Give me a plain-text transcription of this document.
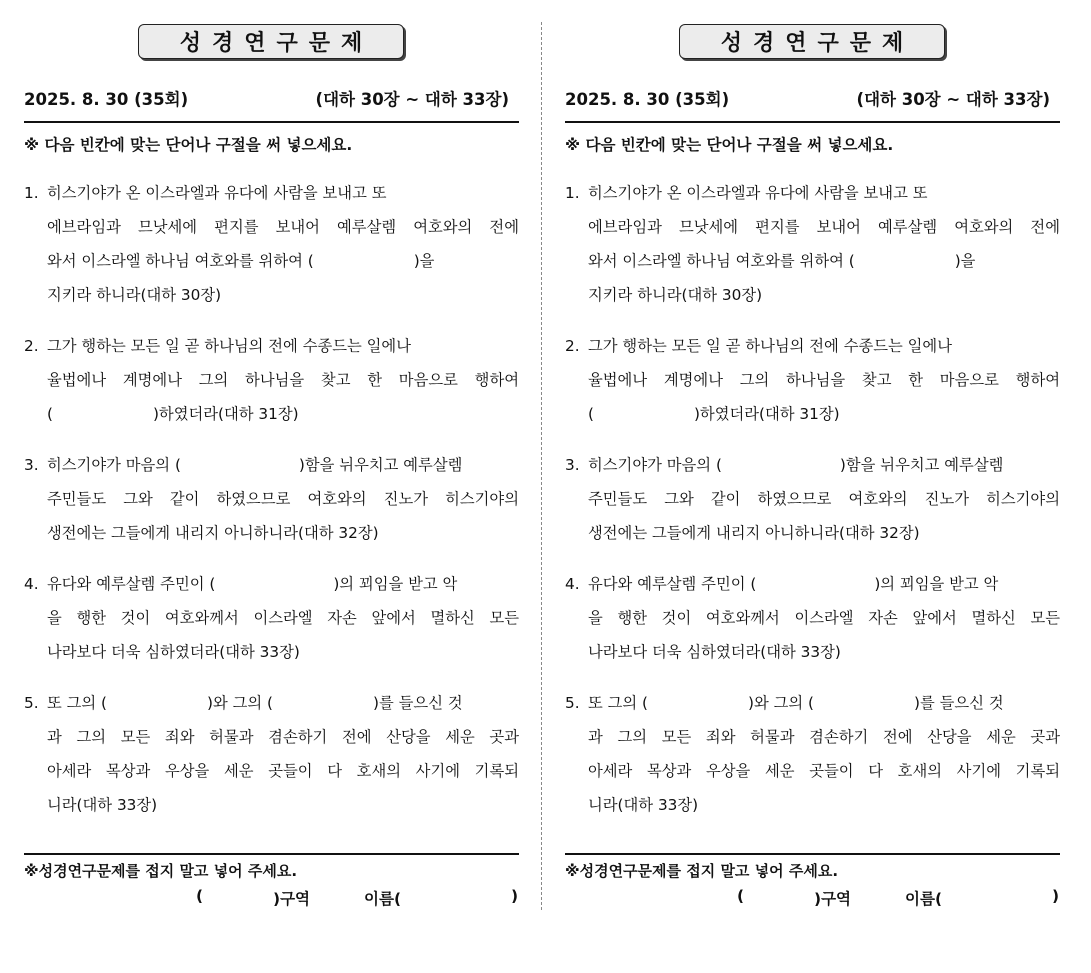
성경연구문제
2025. 8. 30 (35회)	(대하 30장 ~ 대하 33장)
※ 다음 빈칸에 맞는 단어나 구절을 써 넣으세요.
1. 히스기야가 온 이스라엘과 유다에 사람을 보내고 또
에브라임과 므낫세에 편지를 보내어 예루살렘 여호와의 전에
와서 이스라엘 하나님 여호와를 위하여 (	)을
지키라 하니라(대하 30장)
2. 그가 행하는 모든 일 곧 하나님의 전에 수종드는 일에나
율법에나 계명에나 그의 하나님을 찾고 한 마음으로 행하여
(	)하였더라(대하 31장)
3. 히스기야가 마음의 (	)함을 뉘우치고 예루살렘
주민들도 그와 같이 하였으므로 여호와의 진노가 히스기야의
생전에는 그들에게 내리지 아니하니라(대하 32장)
4. 유다와 예루살렘 주민이 (	)의 꾀임을 받고 악
을 행한 것이 여호와께서 이스라엘 자손 앞에서 멸하신 모든
나라보다 더욱 심하였더라(대하 33장)
5. 또 그의 (	)와 그의 (	)를 들으신 것
과 그의 모든 죄와 허물과 겸손하기 전에 산당을 세운 곳과
아세라 목상과 우상을 세운 곳들이 다 호새의 사기에 기록되
니라(대하 33장)
※성경연구문제를 접지 말고 넣어 주세요.
(	)구역	이름(	)
성경연구문제
2025. 8. 30 (35회)	(대하 30장 ~ 대하 33장)
※ 다음 빈칸에 맞는 단어나 구절을 써 넣으세요.
1. 히스기야가 온 이스라엘과 유다에 사람을 보내고 또
에브라임과 므낫세에 편지를 보내어 예루살렘 여호와의 전에
와서 이스라엘 하나님 여호와를 위하여 (	)을
지키라 하니라(대하 30장)
2. 그가 행하는 모든 일 곧 하나님의 전에 수종드는 일에나
율법에나 계명에나 그의 하나님을 찾고 한 마음으로 행하여
(	)하였더라(대하 31장)
3. 히스기야가 마음의 (	)함을 뉘우치고 예루살렘
주민들도 그와 같이 하였으므로 여호와의 진노가 히스기야의
생전에는 그들에게 내리지 아니하니라(대하 32장)
4. 유다와 예루살렘 주민이 (	)의 꾀임을 받고 악
을 행한 것이 여호와께서 이스라엘 자손 앞에서 멸하신 모든
나라보다 더욱 심하였더라(대하 33장)
5. 또 그의 (	)와 그의 (	)를 들으신 것
과 그의 모든 죄와 허물과 겸손하기 전에 산당을 세운 곳과
아세라 목상과 우상을 세운 곳들이 다 호새의 사기에 기록되
니라(대하 33장)
※성경연구문제를 접지 말고 넣어 주세요.
(	)구역	이름(	)
